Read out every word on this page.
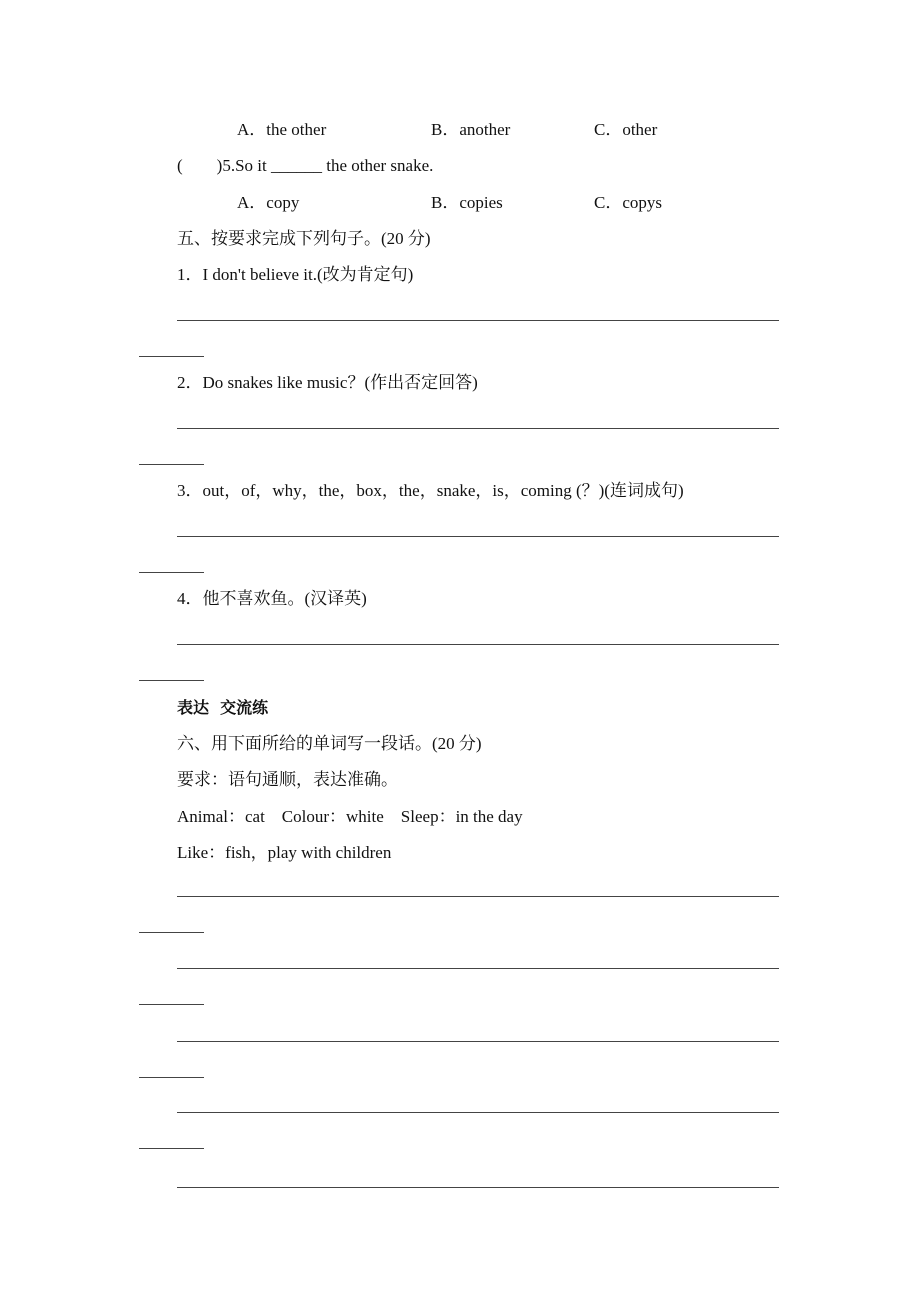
A．the other	B．another	C．other
(　　)5.So it ______ the other snake.
A．copy	B．copies	C．copys
五、按要求完成下列句子。(20 分)
1．I don't believe it.(改为肯定句)
2．Do snakes like music？(作出否定回答)
3．out，of，why，the，box，the，snake，is，coming (？)(连词成句)
4．他不喜欢鱼。(汉译英)
表达  交流练
六、用下面所给的单词写一段话。(20 分)
要求：语句通顺，表达准确。
Animal：cat　Colour：white　Sleep：in the day
Like：fish，play with children
